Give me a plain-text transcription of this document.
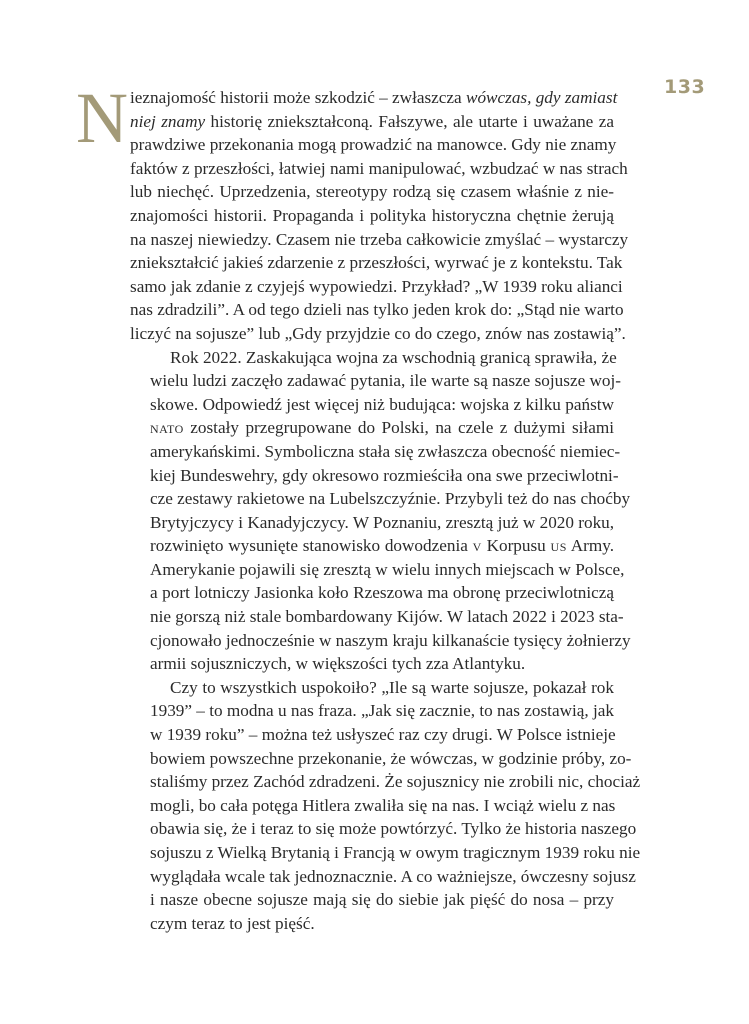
133
N ieznajomość historii może szkodzić – zwłaszcza wówczas, gdy zamiast
niej znamy historię zniekształconą. Fałszywe, ale utarte i uważane za
prawdziwe przekonania mogą prowadzić na manowce. Gdy nie znamy
faktów z przeszłości, łatwiej nami manipulować, wzbudzać w nas strach
lub niechęć. Uprzedzenia, stereotypy rodzą się czasem właśnie z nie-
znajomości historii. Propaganda i polityka historyczna chętnie żerują
na naszej niewiedzy. Czasem nie trzeba całkowicie zmyślać – wystarczy
zniekształcić jakieś zdarzenie z przeszłości, wyrwać je z kontekstu. Tak
samo jak zdanie z czyjejś wypowiedzi. Przykład? „W 1939 roku alianci
nas zdradzili”. A od tego dzieli nas tylko jeden krok do: „Stąd nie warto
liczyć na sojusze” lub „Gdy przyjdzie co do czego, znów nas zostawią”.
Rok 2022. Zaskakująca wojna za wschodnią granicą sprawiła, że
wielu ludzi zaczęło zadawać pytania, ile warte są nasze sojusze woj-
skowe. Odpowiedź jest więcej niż budująca: wojska z kilku państw
nato zostały przegrupowane do Polski, na czele z dużymi siłami
amerykańskimi. Symboliczna stała się zwłaszcza obecność niemiec-
kiej Bundeswehry, gdy okresowo rozmieściła ona swe przeciwlotni-
cze zestawy rakietowe na Lubelszczyźnie. Przybyli też do nas choćby
Brytyjczycy i Kanadyjczycy. W Poznaniu, zresztą już w 2020 roku,
rozwinięto wysunięte stanowisko dowodzenia v Korpusu us Army.
Amerykanie pojawili się zresztą w wielu innych miejscach w Polsce,
a port lotniczy Jasionka koło Rzeszowa ma obronę przeciwlotniczą
nie gorszą niż stale bombardowany Kijów. W latach 2022 i 2023 sta-
cjonowało jednocześnie w naszym kraju kilkanaście tysięcy żołnierzy
armii sojuszniczych, w większości tych zza Atlantyku.
Czy to wszystkich uspokoiło? „Ile są warte sojusze, pokazał rok
1939” – to modna u nas fraza. „Jak się zacznie, to nas zostawią, jak
w 1939 roku” – można też usłyszeć raz czy drugi. W Polsce istnieje
bowiem powszechne przekonanie, że wówczas, w godzinie próby, zo-
staliśmy przez Zachód zdradzeni. Że sojusznicy nie zrobili nic, chociaż
mogli, bo cała potęga Hitlera zwaliła się na nas. I wciąż wielu z nas
obawia się, że i teraz to się może powtórzyć. Tylko że historia naszego
sojuszu z Wielką Brytanią i Francją w owym tragicznym 1939 roku nie
wyglądała wcale tak jednoznacznie. A co ważniejsze, ówczesny sojusz
i nasze obecne sojusze mają się do siebie jak pięść do nosa – przy
czym teraz to jest pięść.
